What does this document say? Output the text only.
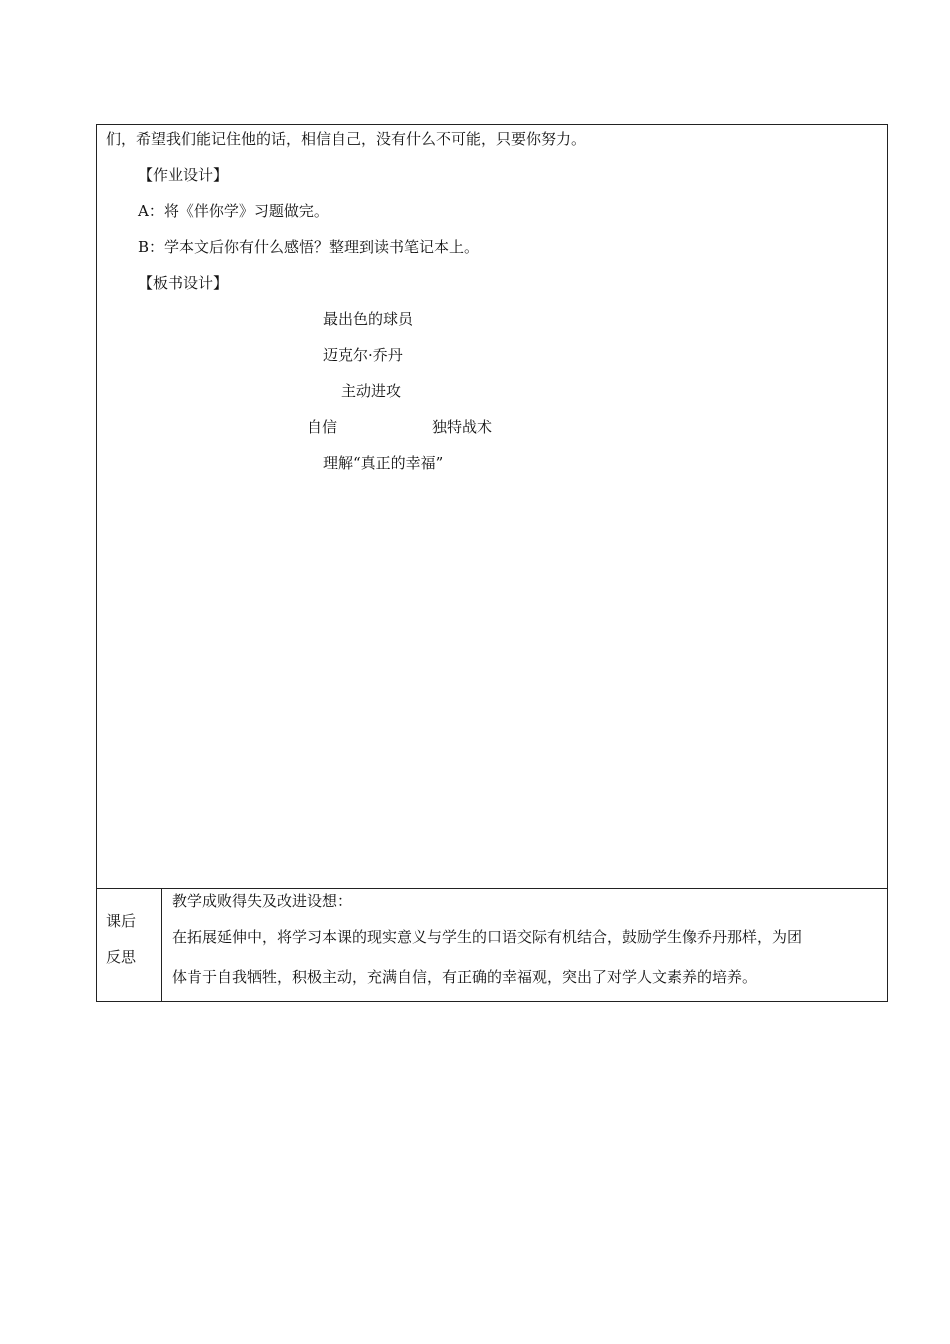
们，希望我们能记住他的话，相信自己，没有什么不可能，只要你努力。
【作业设计】
A：将《伴你学》习题做完。
B：学本文后你有什么感悟？整理到读书笔记本上。
【板书设计】
最出色的球员
迈克尔·乔丹
主动进攻
自信	独特战术
理解“真正的幸福”
课后
反思
教学成败得失及改进设想：
在拓展延伸中，将学习本课的现实意义与学生的口语交际有机结合，鼓励学生像乔丹那样，为团
体肯于自我牺牲，积极主动，充满自信，有正确的幸福观，突出了对学人文素养的培养。
